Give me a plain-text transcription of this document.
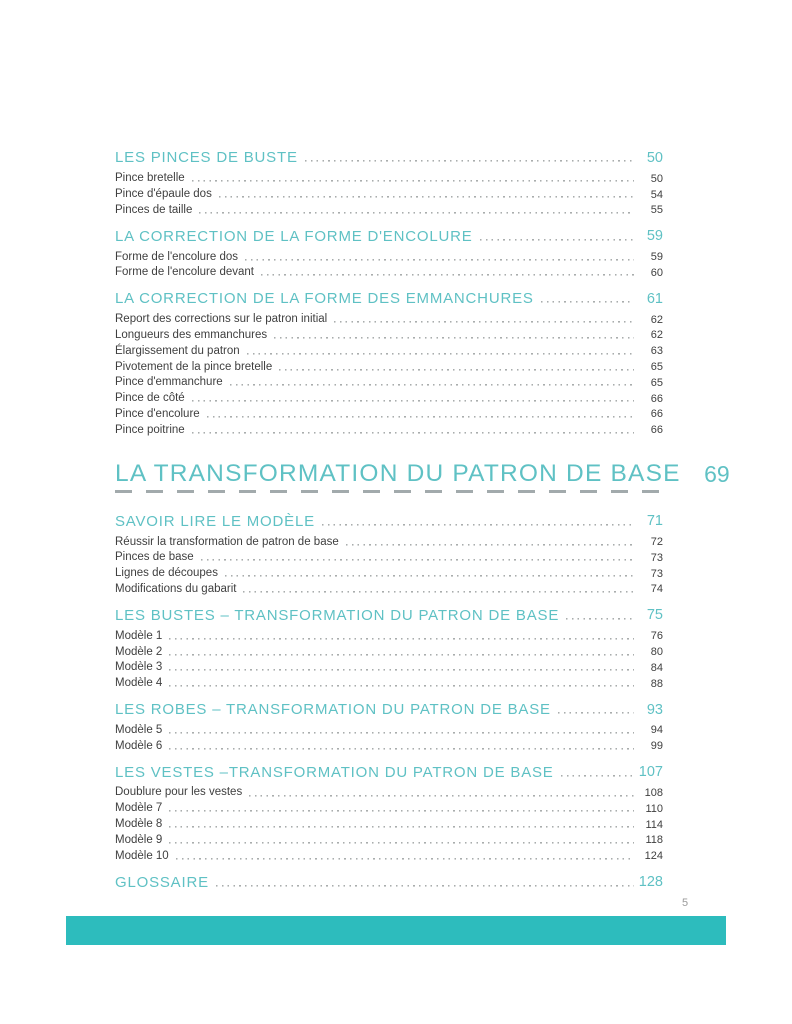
LES PINCES DE BUSTE	50
Pince bretelle	50
Pince d'épaule dos	54
Pinces de taille	55
LA CORRECTION DE LA FORME D'ENCOLURE	59
Forme de l'encolure dos	59
Forme de l'encolure devant	60
LA CORRECTION DE LA FORME DES EMMANCHURES	61
Report des corrections sur le patron initial	62
Longueurs des emmanchures	62
Élargissement du patron	63
Pivotement de la pince bretelle	65
Pince d'emmanchure	65
Pince de côté	66
Pince d'encolure	66
Pince poitrine	66
LA TRANSFORMATION DU PATRON DE BASE	69
SAVOIR LIRE LE MODÈLE	71
Réussir la transformation de patron de base	72
Pinces de base	73
Lignes de découpes	73
Modifications du gabarit	74
LES BUSTES – TRANSFORMATION DU PATRON DE BASE	75
Modèle 1	76
Modèle 2	80
Modèle 3	84
Modèle 4	88
LES ROBES – TRANSFORMATION DU PATRON DE BASE	93
Modèle 5	94
Modèle 6	99
LES VESTES –TRANSFORMATION DU PATRON DE BASE	107
Doublure pour les vestes	108
Modèle 7	110
Modèle 8	114
Modèle 9	118
Modèle 10	124
GLOSSAIRE	128
5
